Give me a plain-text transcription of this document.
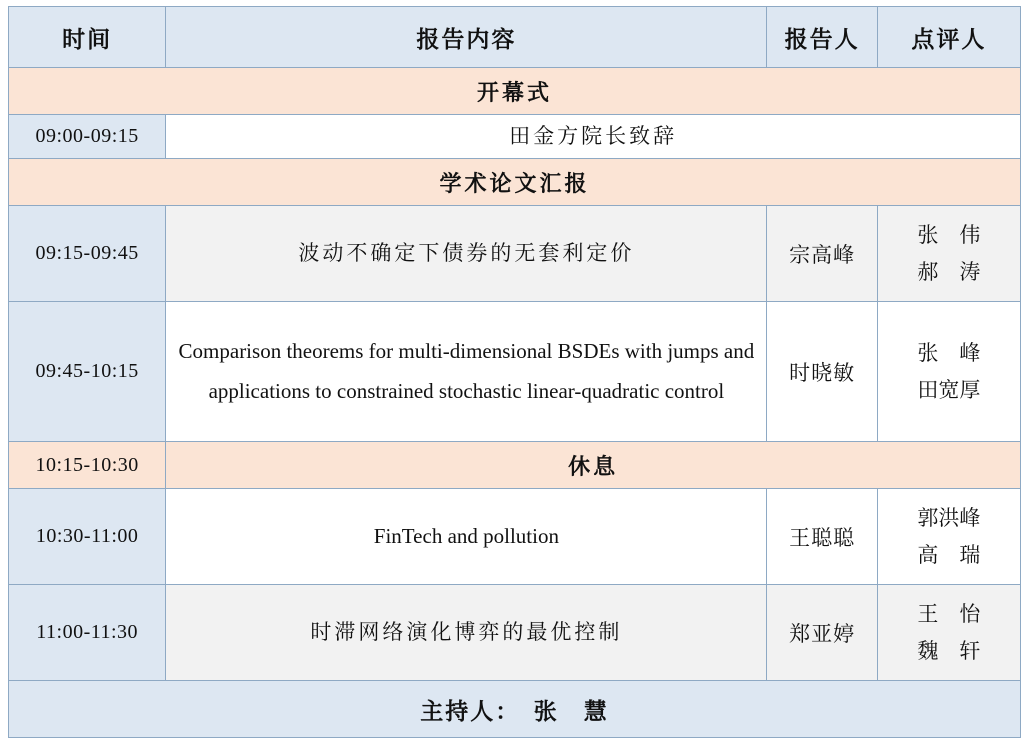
时间	报告内容	报告人	点评人
开幕式			
09:00-09:15	田金方院长致辞		
学术论文汇报			
09:15-09:45	波动不确定下债券的无套利定价	宗高峰	张　伟
郝　涛

09:45-10:15	Comparison theorems for multi-dimensional BSDEs with jumps and applications to constrained stochastic linear-quadratic control	时晓敏	张　峰
田宽厚

10:15-10:30	休息		
10:30-11:00	FinTech and pollution	王聪聪	郭洪峰
高　瑞

11:00-11:30	时滞网络演化博弈的最优控制	郑亚婷	王　怡
魏　轩

主持人：　张　慧			
